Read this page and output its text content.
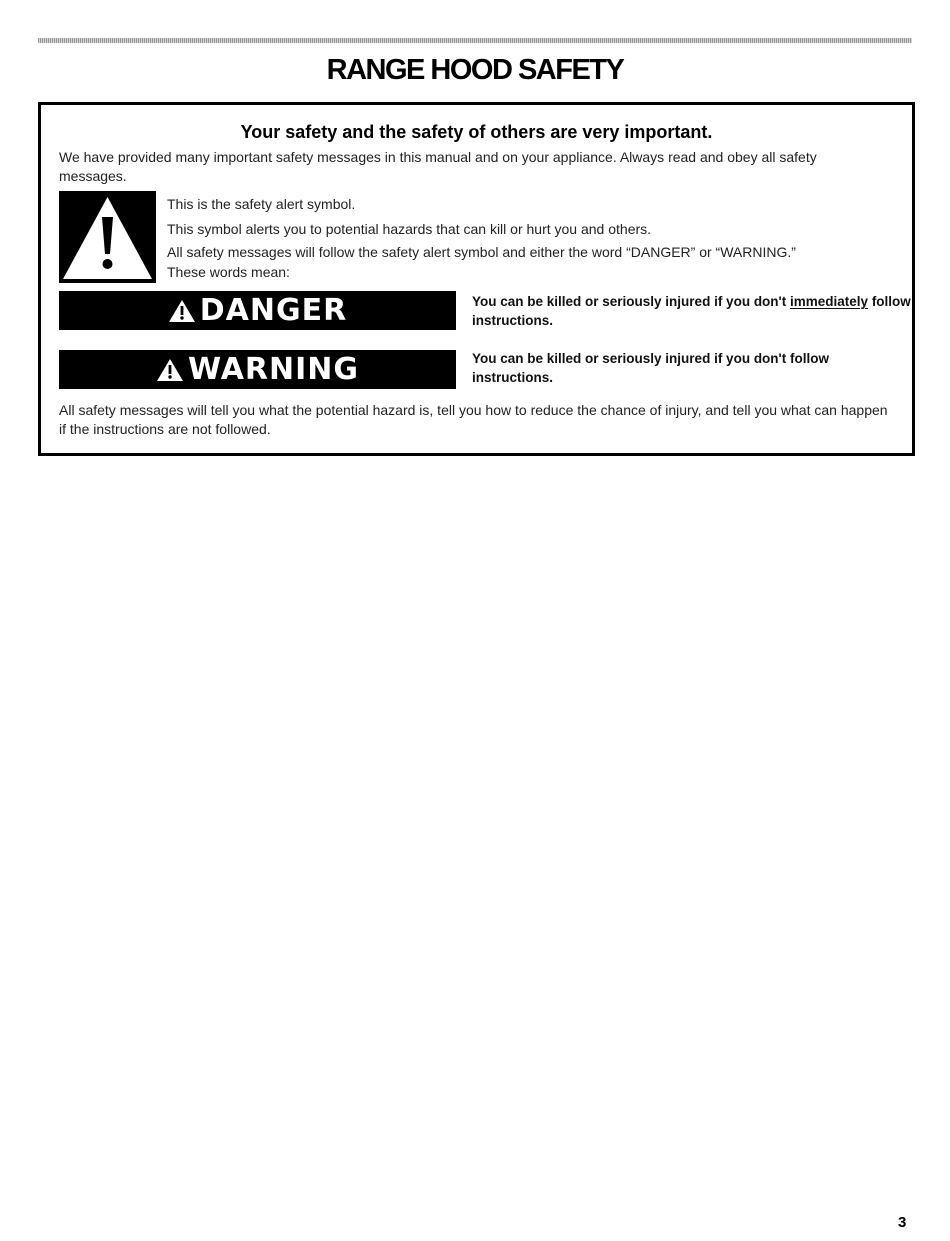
RANGE HOOD SAFETY
Your safety and the safety of others are very important.
We have provided many important safety messages in this manual and on your appliance. Always read and obey all safety messages.
This is the safety alert symbol.
This symbol alerts you to potential hazards that can kill or hurt you and others.
All safety messages will follow the safety alert symbol and either the word “DANGER” or “WARNING.”
These words mean:
DANGER	You can be killed or seriously injured if you don't immediately follow instructions.
WARNING	You can be killed or seriously injured if you don't follow instructions.
All safety messages will tell you what the potential hazard is, tell you how to reduce the chance of injury, and tell you what can happen if the instructions are not followed.
3
